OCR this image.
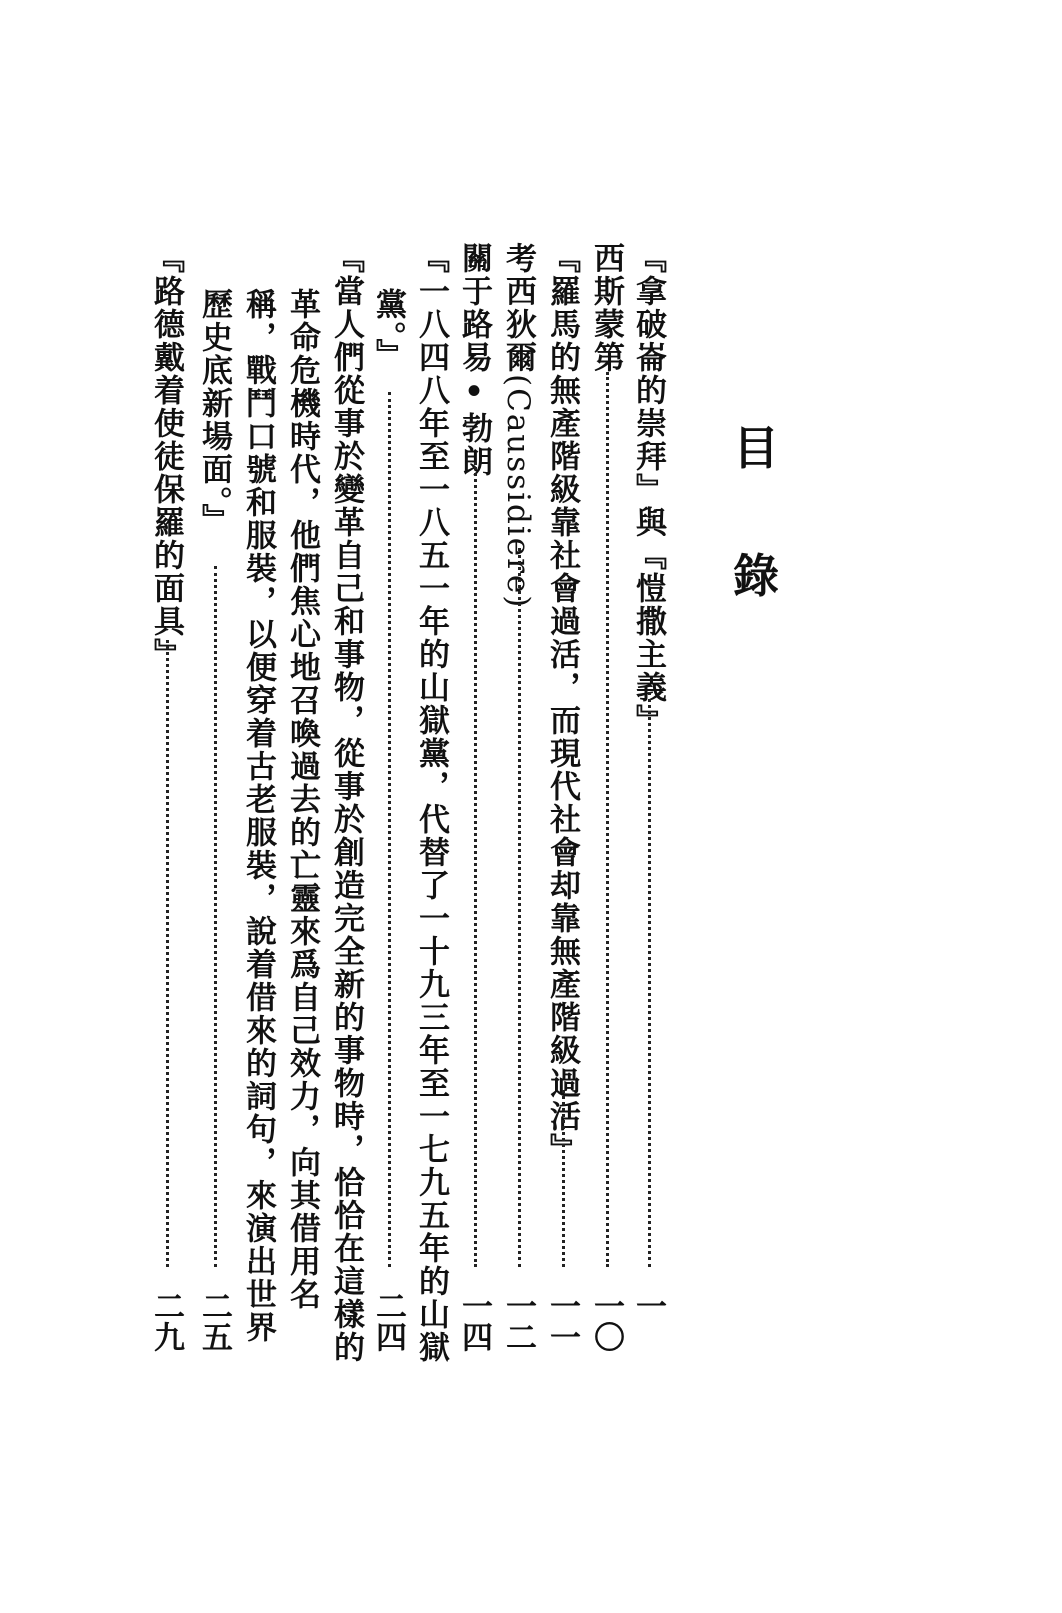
目
錄
『拿破崙的崇拜』與『愷撒主義』
一
西斯蒙第
一〇
『羅馬的無產階級靠社會過活，而現代社會却靠無產階級過活』
一一
考西狄爾(Caussidiere)
一二
關于路易•勃朗
一四
『一八四八年至一八五一年的山獄黨，代替了一十九三年至一七九五年的山獄
黨。』
二四
『當人們從事於變革自己和事物，從事於創造完全新的事物時，恰恰在這樣的
革命危機時代，他們焦心地召喚過去的亡靈來爲自己效力，向其借用名
稱，戰鬥口號和服裝，以便穿着古老服裝，說着借來的詞句，來演出世界
歷史底新場面。』
二五
『路德戴着使徒保羅的面具』
二九
